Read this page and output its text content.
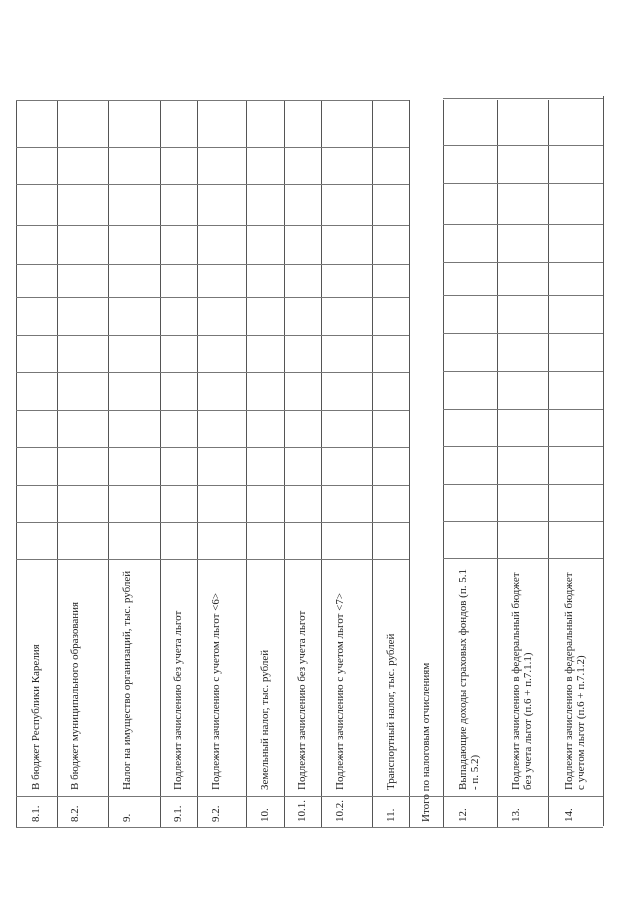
8.1.
В бюджет Республики Карелия
8.2.
В бюджет муниципального образования
9.
Налог на имущество организаций, тыс. рублей
9.1.
Подлежит зачислению без учета льгот
9.2.
Подлежит зачислению с учетом льгот <6>
10.
Земельный налог, тыс. рублей
10.1.
Подлежит зачислению без учета льгот
10.2.
Подлежит зачислению с учетом льгот <7>
11.
Транспортный налог, тыс. рублей Итого по налоговым отчислениям 12.
Выпадающие доходы страховых фондов (п. 5.1 - п. 5.2)
13.
Подлежит зачислению в федеральный бюджет без учета льгот (п.6 + п.7.1.1)
14.
Подлежит зачислению в федеральный бюджет с учетом льгот (п.6 + п.7.1.2)
